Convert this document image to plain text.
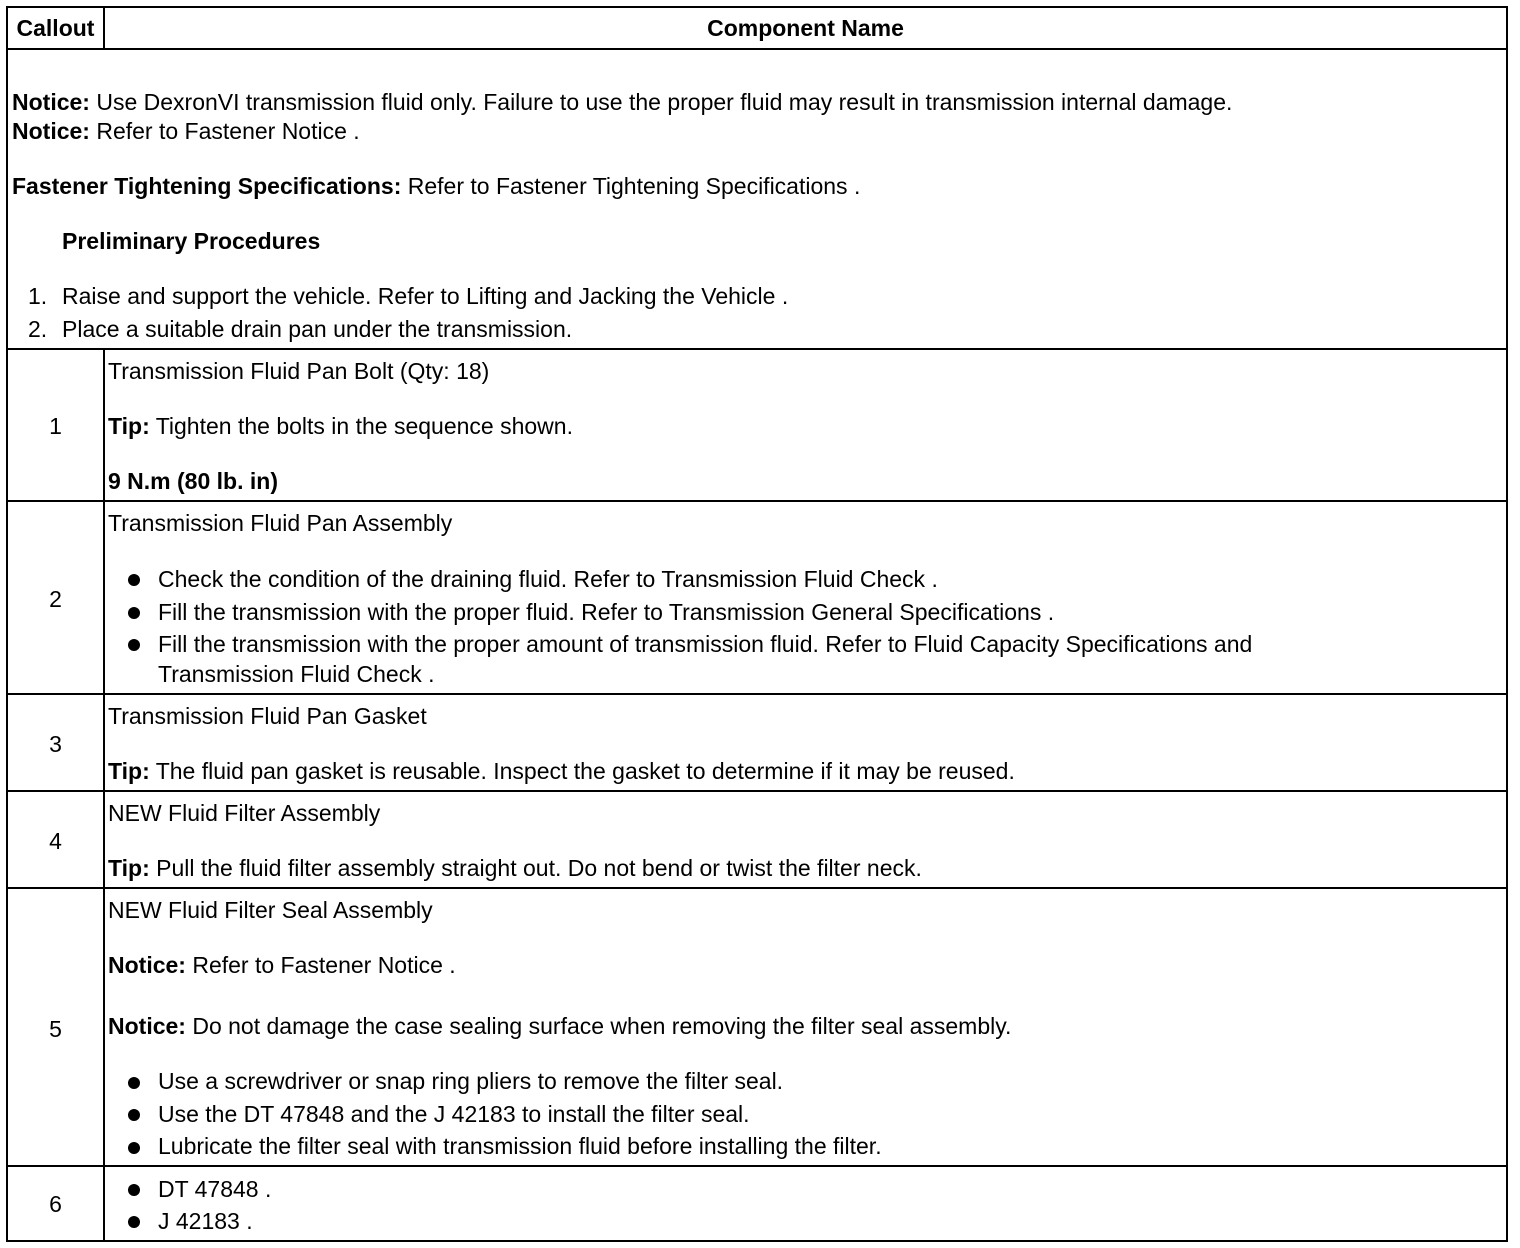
Callout	Component Name
Notice: Use DexronVI transmission fluid only. Failure to use the proper fluid may result in transmission internal damage.
Notice: Refer to Fastener Notice .
Fastener Tightening Specifications: Refer to Fastener Tightening Specifications .
Preliminary Procedures
1. Raise and support the vehicle. Refer to Lifting and Jacking the Vehicle .
2. Place a suitable drain pan under the transmission.
1
Transmission Fluid Pan Bolt (Qty: 18)
Tip: Tighten the bolts in the sequence shown.
9 N.m (80 lb. in)
2
Transmission Fluid Pan Assembly
Check the condition of the draining fluid. Refer to Transmission Fluid Check .
Fill the transmission with the proper fluid. Refer to Transmission General Specifications .
Fill the transmission with the proper amount of transmission fluid. Refer to Fluid Capacity Specifications and
Transmission Fluid Check .
3
Transmission Fluid Pan Gasket
Tip: The fluid pan gasket is reusable. Inspect the gasket to determine if it may be reused.
4
NEW Fluid Filter Assembly
Tip: Pull the fluid filter assembly straight out. Do not bend or twist the filter neck.
5
NEW Fluid Filter Seal Assembly
Notice: Refer to Fastener Notice .
Notice: Do not damage the case sealing surface when removing the filter seal assembly.
Use a screwdriver or snap ring pliers to remove the filter seal.
Use the DT 47848 and the J 42183 to install the filter seal.
Lubricate the filter seal with transmission fluid before installing the filter.
6
DT 47848 .
J 42183 .
